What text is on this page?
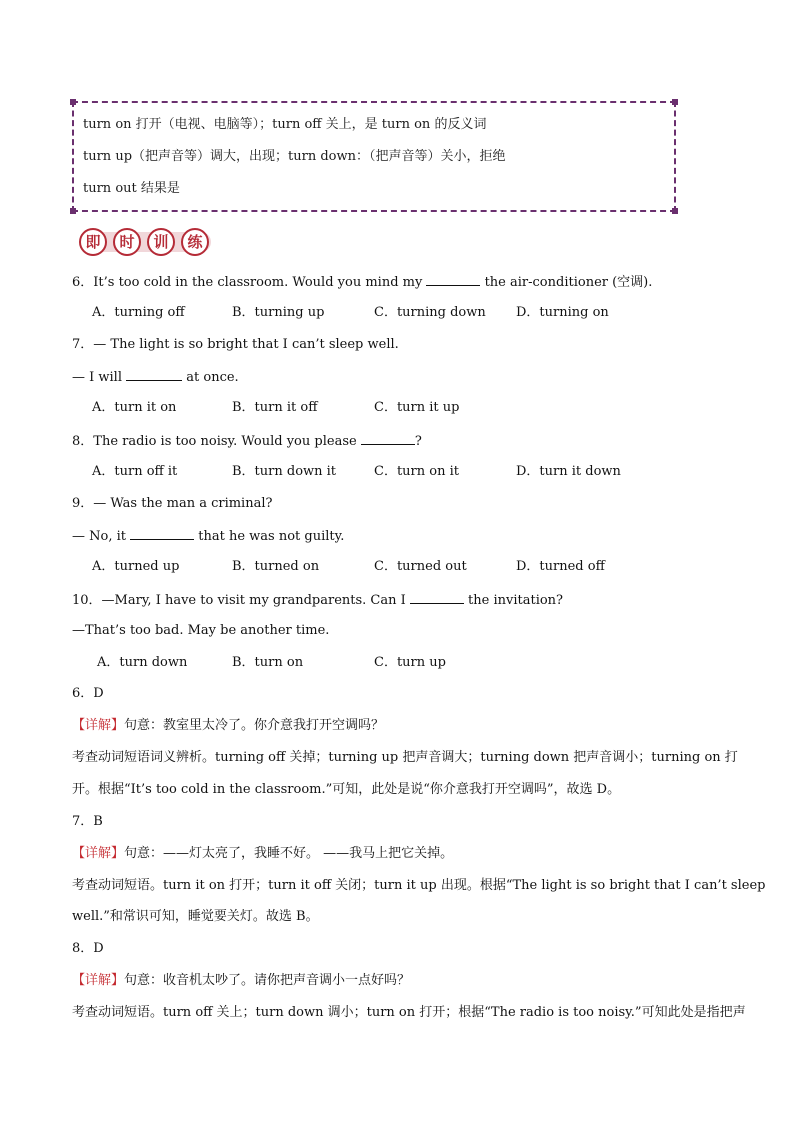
turn on 打开（电视、电脑等）；turn off 关上，是 turn on 的反义词
turn up（把声音等）调大，出现；turn down：（把声音等）关小，拒绝
turn out 结果是
即	时	训	练
6．It’s too cold in the classroom. Would you mind my	the air-conditioner (空调).
A．turning off	B．turning up	C．turning down D．turning on
7．— The light is so bright that I can’t sleep well.
— I will	at once.
A．turn it on	B．turn it off	C．turn it up
8．The radio is too noisy. Would you please	?
A．turn off it	B．turn down it	C．turn on it	D．turn it down
9．— Was the man a criminal?
— No, it	that he was not guilty.
A．turned up	B．turned on	C．turned out	D．turned off
10．—Mary, I have to visit my grandparents. Can I	the invitation?
—That’s too bad. May be another time.
A．turn down	B．turn on	C．turn up
6．D
【详解】句意：教室里太冷了。你介意我打开空调吗？
考查动词短语词义辨析。turning off 关掉；turning up 把声音调大；turning down 把声音调小；turning on 打
开。根据“It’s too cold in the classroom.”可知，此处是说“你介意我打开空调吗”，故选 D。
7．B
【详解】句意：——灯太亮了，我睡不好。 ——我马上把它关掉。
考查动词短语。turn it on 打开；turn it off 关闭；turn it up 出现。根据“The light is so bright that I can’t sleep
well.”和常识可知，睡觉要关灯。故选 B。
8．D
【详解】句意：收音机太吵了。请你把声音调小一点好吗？
考查动词短语。turn off 关上；turn down 调小；turn on 打开；根据“The radio is too noisy.”可知此处是指把声
